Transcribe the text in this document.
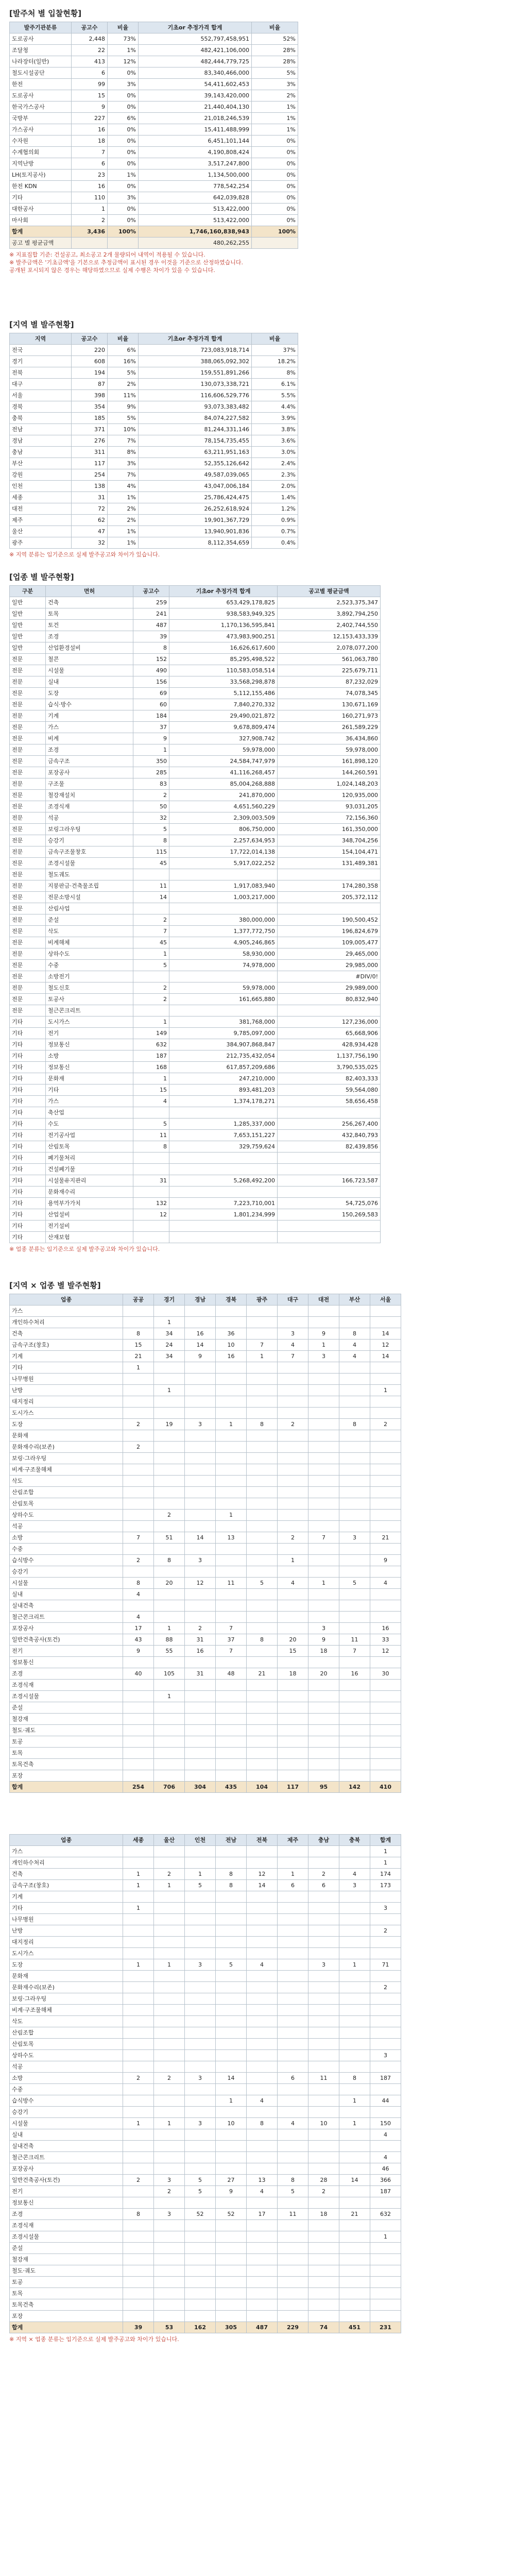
[발주처 별 입찰현황]
발주기관분류	공고수	비율	기초or 추정가격 합계	비율
도로공사	2,448	73%	552,797,458,951	52%
조달청	22	1%	482,421,106,000	28%
나라장터(일반)	413	12%	482,444,779,725	28%
철도시설공단	6	0%	83,340,466,000	5%
한전	99	3%	54,411,602,453	3%
도로공사	15	0%	39,143,420,000	2%
한국가스공사	9	0%	21,440,404,130	1%
국방부	227	6%	21,018,246,539	1%
가스공사	16	0%	15,411,488,999	1%
수자원	18	0%	6,451,101,144	0%
수계협의회	7	0%	4,190,808,424	0%
지역난방	6	0%	3,517,247,800	0%
LH(토지공사)	23	1%	1,134,500,000	0%
한전 KDN	16	0%	778,542,254	0%
기타	110	3%	642,039,828	0%
대한공사	1	0%	513,422,000	0%
마사회	2	0%	513,422,000	0%
합계	3,436	100%	1,746,160,838,943	100%
공고 별 평균금액			480,262,255	
※ 지표집합 기준: 건설공고, 최소공고 2개 물량되어 내역이 적용될 수 있습니다.
※ 발주금액은 '기초금액'을 기본으로 추정금액이 표시된 경우 이것을 기준으로 산정하였습니다.
공개된 포시되지 않은 경우는 해당하였으므로 실제 수행은 차이가 있을 수 있습니다.
[지역 별 발주현황]
지역	공고수	비율	기초or 추정가격 합계	비율
전국	220	6%	723,083,918,714	37%
경기	608	16%	388,065,092,302	18.2%
전북	194	5%	159,551,891,266	8%
대구	87	2%	130,073,338,721	6.1%
서울	398	11%	116,606,529,776	5.5%
경북	354	9%	93,073,383,482	4.4%
충북	185	5%	84,074,227,582	3.9%
전남	371	10%	81,244,331,146	3.8%
경남	276	7%	78,154,735,455	3.6%
충남	311	8%	63,211,951,163	3.0%
부산	117	3%	52,355,126,642	2.4%
강원	254	7%	49,587,039,065	2.3%
인천	138	4%	43,047,006,184	2.0%
세종	31	1%	25,786,424,475	1.4%
대전	72	2%	26,252,618,924	1.2%
제주	62	2%	19,901,367,729	0.9%
울산	47	1%	13,940,901,836	0.7%
광주	32	1%	8,112,354,659	0.4%
※ 지역 분류는 입기준으로 실제 발주공고와 차이가 있습니다.
[업종 별 발주현황]
구분	면허	공고수	기초or 추정가격 합계	공고별 평균금액
일반	건축	259	653,429,178,825	2,523,375,347
일반	토목	241	938,583,949,325	3,892,794,250
일반	토건	487	1,170,136,595,841	2,402,744,550
일반	조경	39	473,983,900,251	12,153,433,339
일반	산업환경설비	8	16,626,617,600	2,078,077,200
전문	철콘	152	85,295,498,522	561,063,780
전문	시설물	490	110,583,058,514	225,679,711
전문	실내	156	33,568,298,878	87,232,029
전문	도장	69	5,112,155,486	74,078,345
전문	습식·방수	60	7,840,270,332	130,671,169
전문	기계	184	29,490,021,872	160,271,973
전문	가스	37	9,678,809,474	261,589,229
전문	비계	9	327,908,742	36,434,860
전문	조경	1	59,978,000	59,978,000
전문	금속구조	350	24,584,747,979	161,898,120
전문	포장공사	285	41,116,268,457	144,260,591
전문	구조물	83	85,004,268,888	1,024,148,203
전문	철강재설치	2	241,870,000	120,935,000
전문	조경식재	50	4,651,560,229	93,031,205
전문	석공	32	2,309,003,509	72,156,360
전문	보링그라우팅	5	806,750,000	161,350,000
전문	승강기	8	2,257,634,953	348,704,256
전문	금속구조물창호	115	17,722,014,138	154,104,471
전문	조경시설물	45	5,917,022,252	131,489,381
전문	철도궤도			
전문	지붕판금·건축물조립	11	1,917,083,940	174,280,358
전문	전문소방시설	14	1,003,217,000	205,372,112
전문	산림사업			
전문	준설	2	380,000,000	190,500,452
전문	삭도	7	1,377,772,750	196,824,679
전문	비계해체	45	4,905,246,865	109,005,477
전문	상하수도	1	58,930,000	29,465,000
전문	수중	5	74,978,000	29,985,000
전문	소방전기			#DIV/0!
전문	철도신호	2	59,978,000	29,989,000
전문	토공사	2	161,665,880	80,832,940
전문	철근콘크리트			
기타	도시가스	1	381,768,000	127,236,000
기타	전기	149	9,785,097,000	65,668,906
기타	정보통신	632	384,907,868,847	428,934,428
기타	소방	187	212,735,432,054	1,137,756,190
기타	정보통신	168	617,857,209,686	3,790,535,025
기타	문화재	1	247,210,000	82,403,333
기타	기타	15	893,481,203	59,564,080
기타	가스	4	1,374,178,271	58,656,458
기타	축산업			
기타	수도	5	1,285,337,000	256,267,400
기타	전기공사업	11	7,653,151,227	432,840,793
기타	산림토목	8	329,759,624	82,439,856
기타	폐기물처리			
기타	건설폐기물			
기타	시설물유지관리	31	5,268,492,200	166,723,587
기타	문화재수리			
기타	용역부가가치	132	7,223,710,001	54,725,076
기타	산업설비	12	1,801,234,999	150,269,583
기타	전기설비			
기타	산재보험			
※ 업종 분류는 입기준으로 실제 발주공고와 차이가 있습니다.
[지역 × 업종 별 발주현황]
업종	공공	경기	경남	경북	광주	대구	대전	부산	서울
가스									
개인하수처리		1							
건축	8	34	16	36		3	9	8	14
금속구조(창호)	15	24	14	10	7	4	1	4	12
기계	21	34	9	16	1	7	3	4	14
기타	1								
나무병원									
난방		1							1
대지정리									
도시가스									
도장	2	19	3	1	8	2		8	2
문화재									
문화재수리(보존)	2								
보링·그라우팅									
비계·구조물해체									
삭도									
산림조합									
산림토목									
상하수도		2		1					
석공									
소방	7	51	14	13		2	7	3	21
수중									
습식방수	2	8	3			1			9
승강기									
시설물	8	20	12	11	5	4	1	5	4
실내	4								
실내건축									
철근콘크리트	4								
포장공사	17	1	2	7			3		16
일반건축공사(토건)	43	88	31	37	8	20	9	11	33
전기	9	55	16	7		15	18	7	12
정보통신									
조경	40	105	31	48	21	18	20	16	30
조경식재									
조경시설물		1							
준설									
철강재									
철도·궤도									
토공									
토목									
토목건축									
포장									
합계	254	706	304	435	104	117	95	142	410
업종	세종	울산	인천	전남	전북	제주	충남	충북	합계
가스									1
개인하수처리									1
건축	1	2	1	8	12	1	2	4	174
금속구조(창호)	1	1	5	8	14	6	6	3	173
기계									
기타	1								3
나무병원									
난방									2
대지정리									
도시가스									
도장	1	1	3	5	4		3	1	71
문화재									
문화재수리(보존)									2
보링·그라우팅									
비계·구조물해체									
삭도									
산림조합									
산림토목									
상하수도									3
석공									
소방	2	2	3	14		6	11	8	187
수중									
습식방수				1	4			1	44
승강기									
시설물	1	1	3	10	8	4	10	1	150
실내									4
실내건축									
철근콘크리트									4
포장공사									46
일반건축공사(토건)	2	3	5	27	13	8	28	14	366
전기		2	5	9	4	5	2		187
정보통신									
조경	8	3	52	52	17	11	18	21	632
조경식재									
조경시설물									1
준설									
철강재									
철도·궤도									
토공									
토목									
토목건축									
포장									
합계	39	53	162	305	487	229	74	451	231
※ 지역 × 업종 분류는 입기준으로 실제 발주공고와 차이가 있습니다.
